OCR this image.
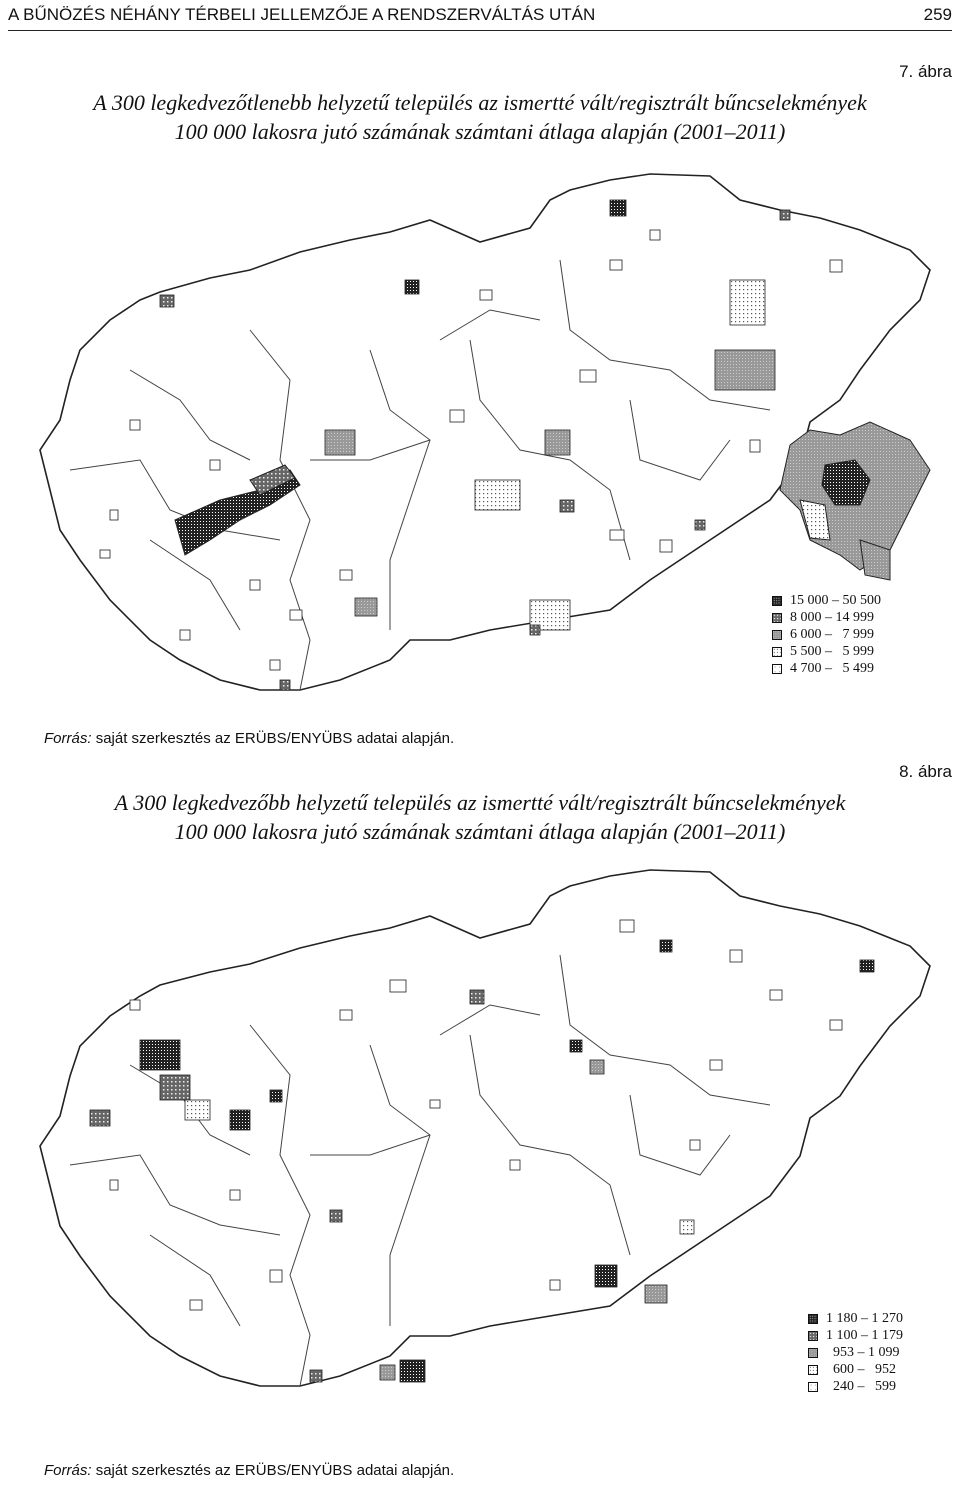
A BŰNÖZÉS NÉHÁNY TÉRBELI JELLEMZŐJE A RENDSZERVÁLTÁS UTÁN	259
7. ábra
A 300 legkedvezőtlenebb helyzetű település az ismertté vált/regisztrált bűncselekmények
100 000 lakosra jutó számának számtani átlaga alapján (2001–2011)
15 000 – 50 500
8 000 – 14 999
6 000 –   7 999
5 500 –   5 999
4 700 –   5 499
Forrás: saját szerkesztés az ERÜBS/ENYÜBS adatai alapján.
8. ábra
A 300 legkedvezőbb helyzetű település az ismertté vált/regisztrált bűncselekmények
100 000 lakosra jutó számának számtani átlaga alapján (2001–2011)
1 180 – 1 270
1 100 – 1 179
953 – 1 099
600 –   952
240 –   599
Forrás: saját szerkesztés az ERÜBS/ENYÜBS adatai alapján.
